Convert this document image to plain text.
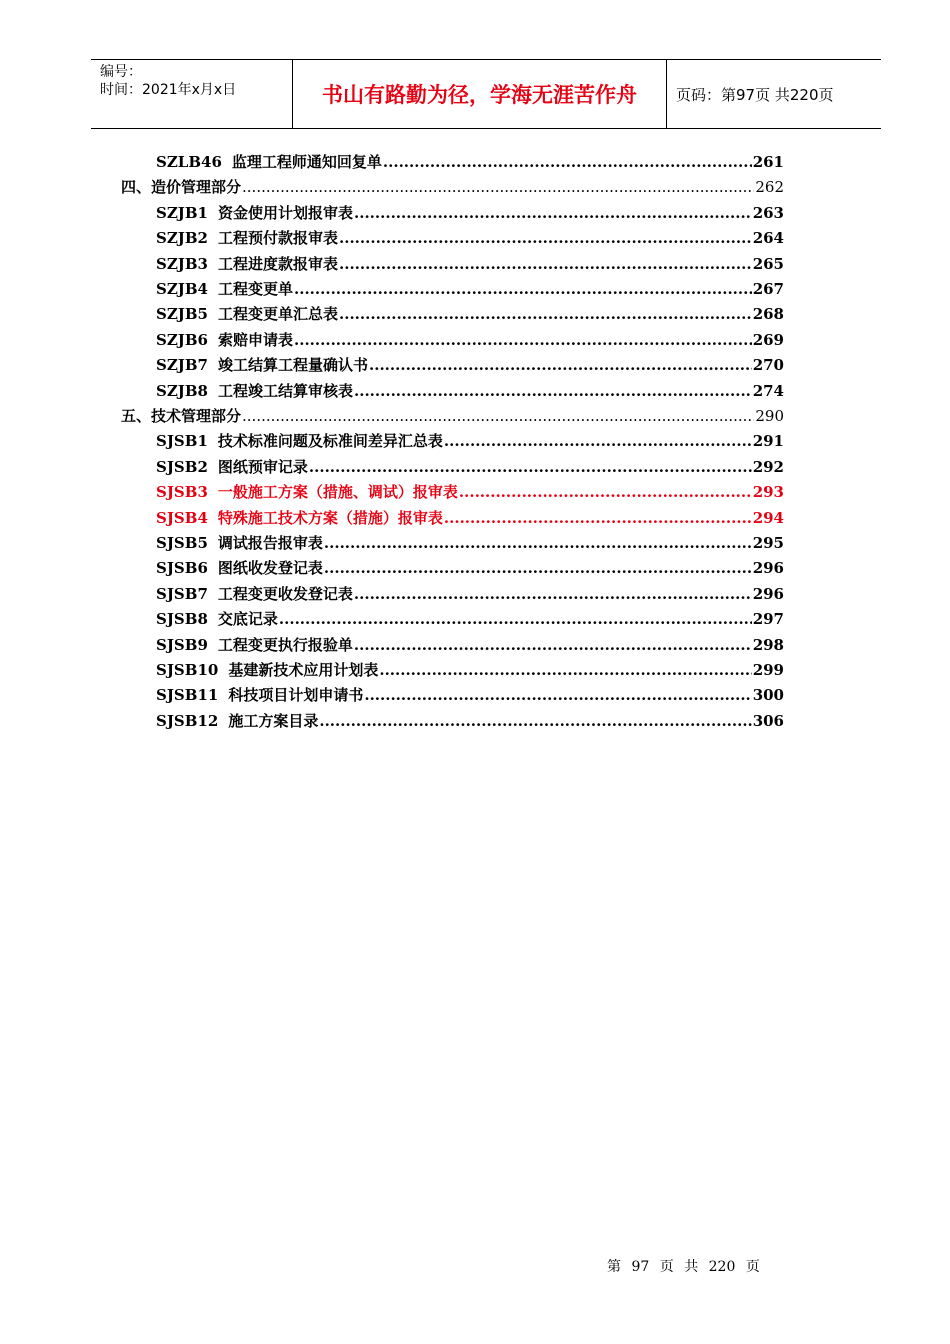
编号：
时间：2021年x月x日	书山有路勤为径，学海无涯苦作舟	页码：第97页 共220页
SZLB46 监理工程师通知回复单 .....	261
四、造价管理部分 .....	262
SZJB1 资金使用计划报审表 .....	263
SZJB2 工程预付款报审表 .....	264
SZJB3 工程进度款报审表 .....	265
SZJB4 工程变更单 .....	267
SZJB5 工程变更单汇总表 .....	268
SZJB6 索赔申请表 .....	269
SZJB7 竣工结算工程量确认书 .....	270
SZJB8 工程竣工结算审核表 .....	274
五、技术管理部分 .....	290
SJSB1 技术标准问题及标准间差异汇总表 .....	291
SJSB2 图纸预审记录 .....	292
SJSB3 一般施工方案（措施、调试）报审表 .....	293
SJSB4 特殊施工技术方案（措施）报审表 .....	294
SJSB5 调试报告报审表 .....	295
SJSB6 图纸收发登记表 .....	296
SJSB7 工程变更收发登记表 .....	296
SJSB8 交底记录 .....	297
SJSB9 工程变更执行报验单 .....	298
SJSB10 基建新技术应用计划表 .....	299
SJSB11 科技项目计划申请书 .....	300
SJSB12 施工方案目录 .....	306
第 97 页 共 220 页
